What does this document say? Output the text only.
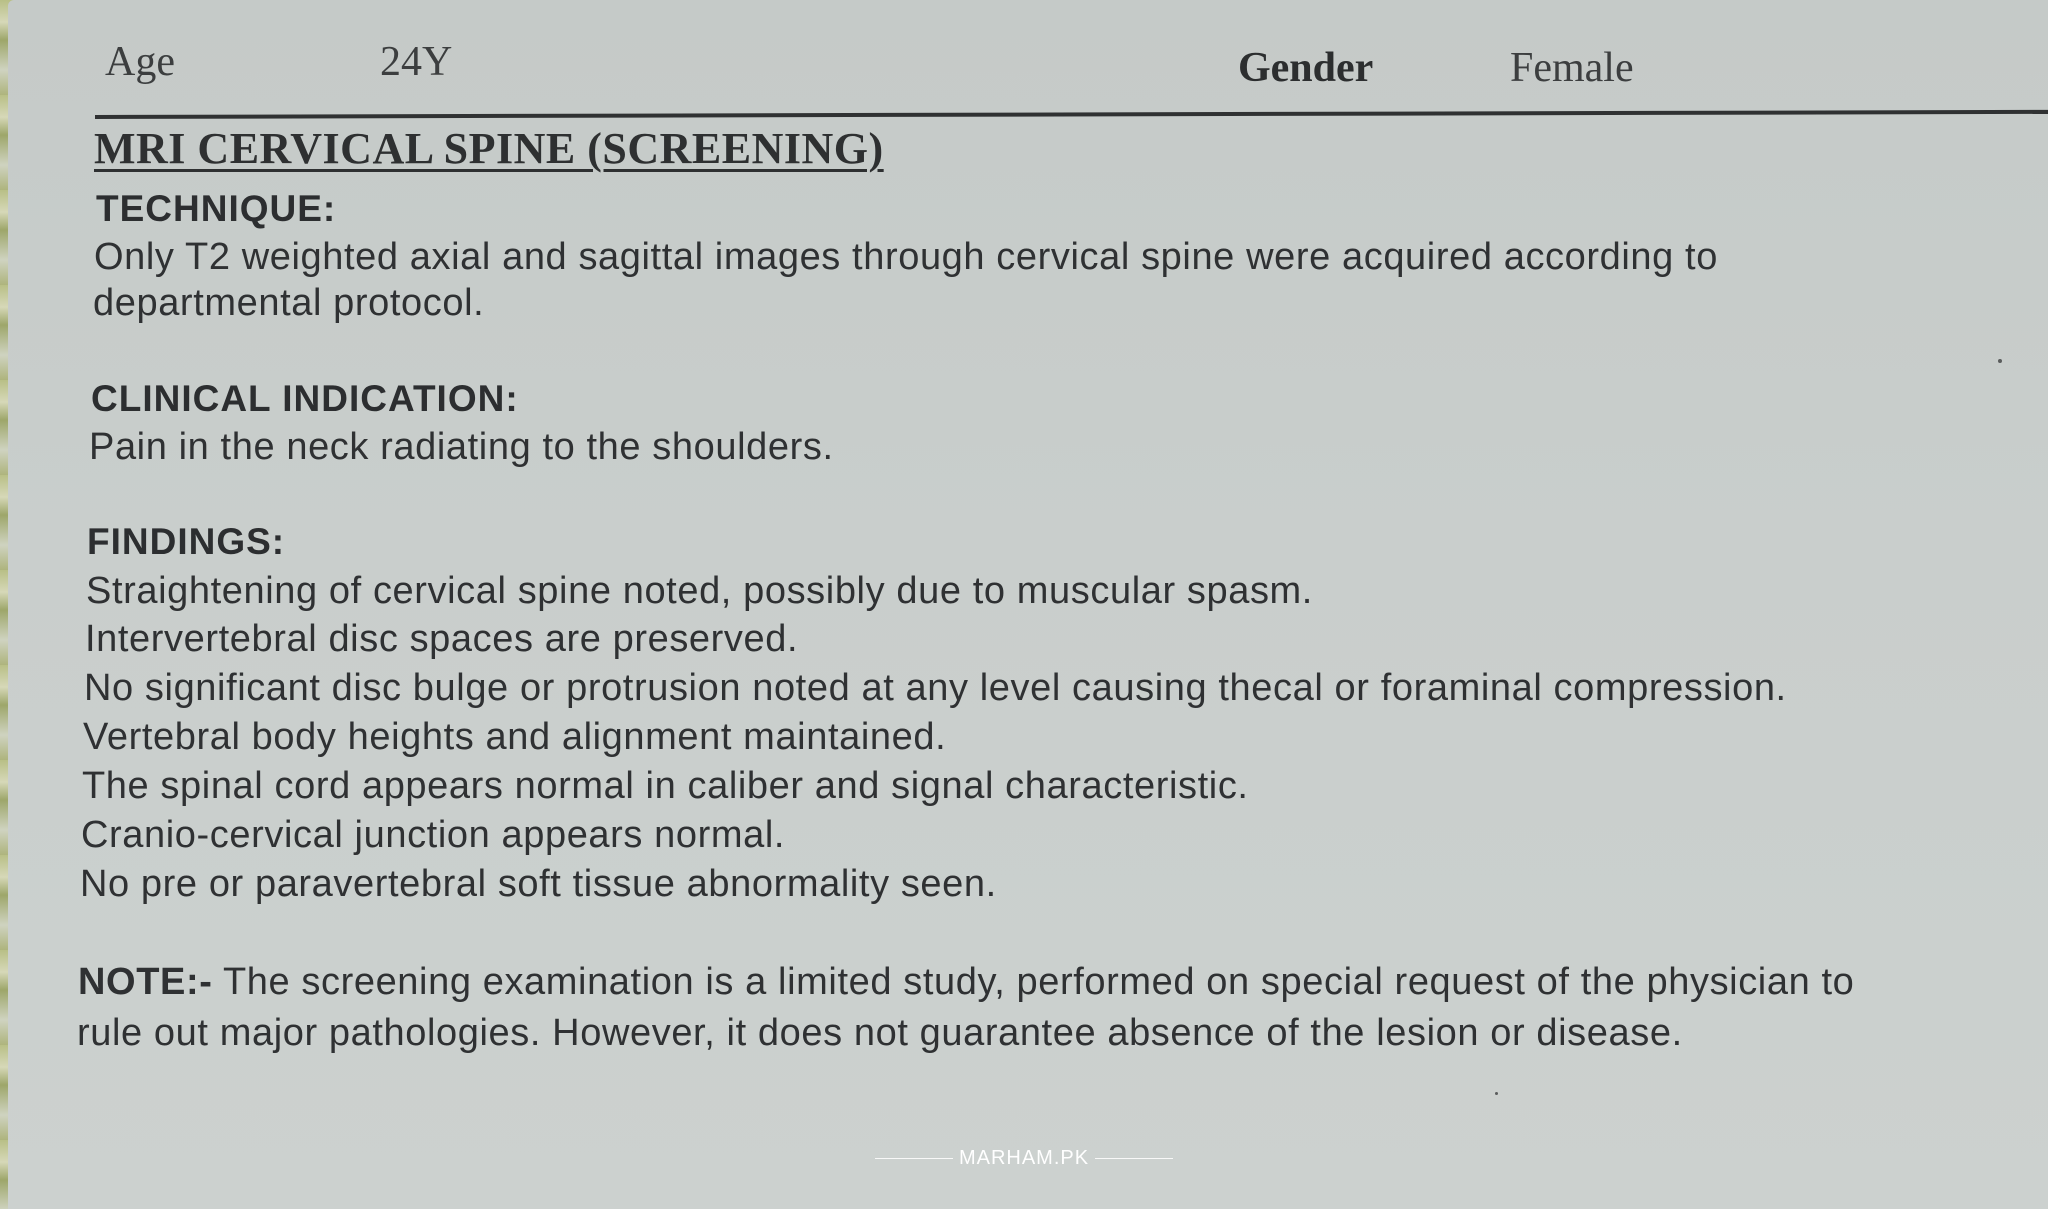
Age	24Y	Gender	Female
MRI CERVICAL SPINE (SCREENING)
TECHNIQUE:
Only T2 weighted axial and sagittal images through cervical spine were acquired according to
departmental protocol.
CLINICAL INDICATION:
Pain in the neck radiating to the shoulders.
FINDINGS:
Straightening of cervical spine noted, possibly due to muscular spasm.
Intervertebral disc spaces are preserved.
No significant disc bulge or protrusion noted at any level causing thecal or foraminal compression.
Vertebral body heights and alignment maintained.
The spinal cord appears normal in caliber and signal characteristic.
Cranio-cervical junction appears normal.
No pre or paravertebral soft tissue abnormality seen.
NOTE:- The screening examination is a limited study, performed on special request of the physician to
rule out major pathologies. However, it does not guarantee absence of the lesion or disease.
MARHAM.PK
